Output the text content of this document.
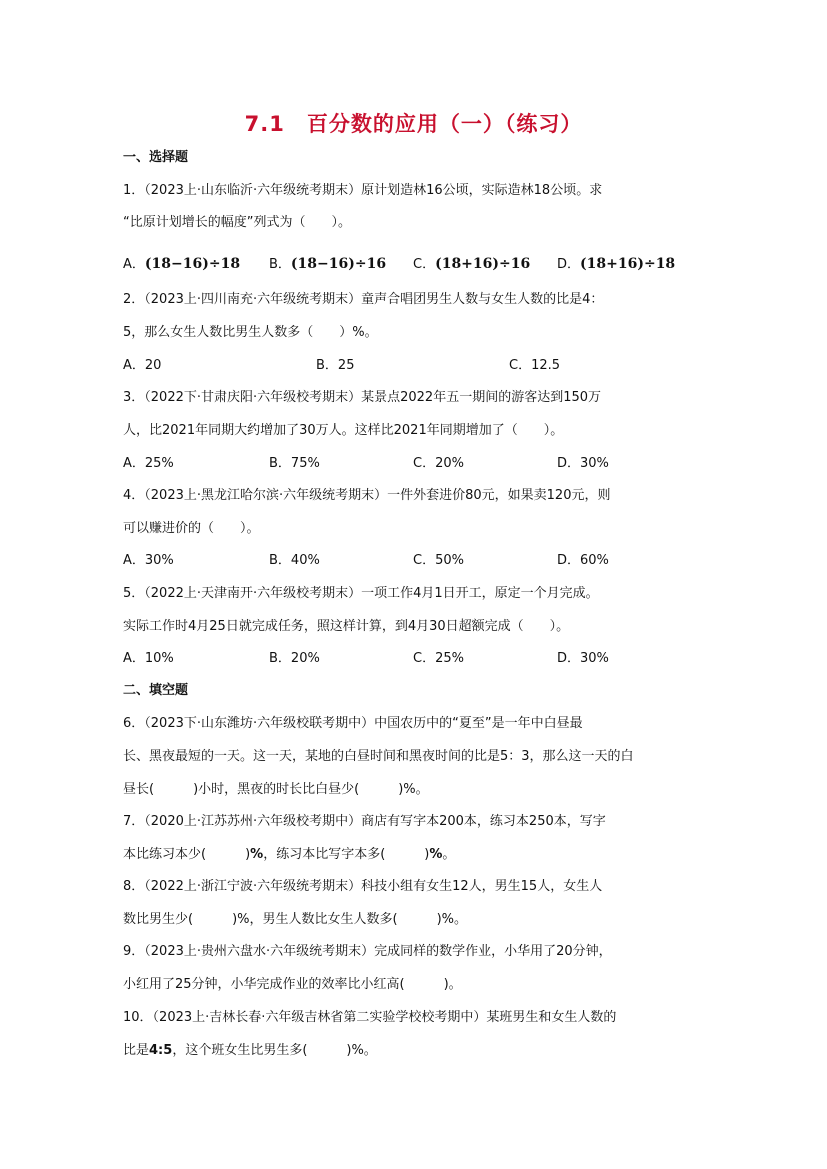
7.1　百分数的应用（一）（练习）
一、选择题
1．（2023上·山东临沂·六年级统考期末）原计划造林16公顷，实际造林18公顷。求
“比原计划增长的幅度”列式为（　　）。
A．(18−16)÷18 B．(18−16)÷16 C．(18+16)÷16 D．(18+16)÷18
2．（2023上·四川南充·六年级统考期末）童声合唱团男生人数与女生人数的比是4：
5，那么女生人数比男生人数多（　　）%。
A．20	B．25	C．12.5
3．（2022下·甘肃庆阳·六年级校考期末）某景点2022年五一期间的游客达到150万
人，比2021年同期大约增加了30万人。这样比2021年同期增加了（　　）。
A．25%	B．75%	C．20%	D．30%
4．（2023上·黑龙江哈尔滨·六年级统考期末）一件外套进价80元，如果卖120元，则
可以赚进价的（　　）。
A．30%	B．40%	C．50%	D．60%
5．（2022上·天津南开·六年级校考期末）一项工作4月1日开工，原定一个月完成。
实际工作时4月25日就完成任务，照这样计算，到4月30日超额完成（　　）。
A．10%	B．20%	C．25%	D．30%
二、填空题
6．（2023下·山东潍坊·六年级校联考期中）中国农历中的“夏至”是一年中白昼最
长、黑夜最短的一天。这一天，某地的白昼时间和黑夜时间的比是5：3，那么这一天的白
昼长(　　　)小时，黑夜的时长比白昼少(　　　)%。
7．（2020上·江苏苏州·六年级校考期中）商店有写字本200本，练习本250本，写字
本比练习本少(　　　)%，练习本比写字本多(　　　)%。
8．（2022上·浙江宁波·六年级统考期末）科技小组有女生12人，男生15人，女生人
数比男生少(　　　)%，男生人数比女生人数多(　　　)%。
9．（2023上·贵州六盘水·六年级统考期末）完成同样的数学作业，小华用了20分钟，
小红用了25分钟，小华完成作业的效率比小红高(　　　)。
10．（2023上·吉林长春·六年级吉林省第二实验学校校考期中）某班男生和女生人数的
比是4:5，这个班女生比男生多(　　　)%。
